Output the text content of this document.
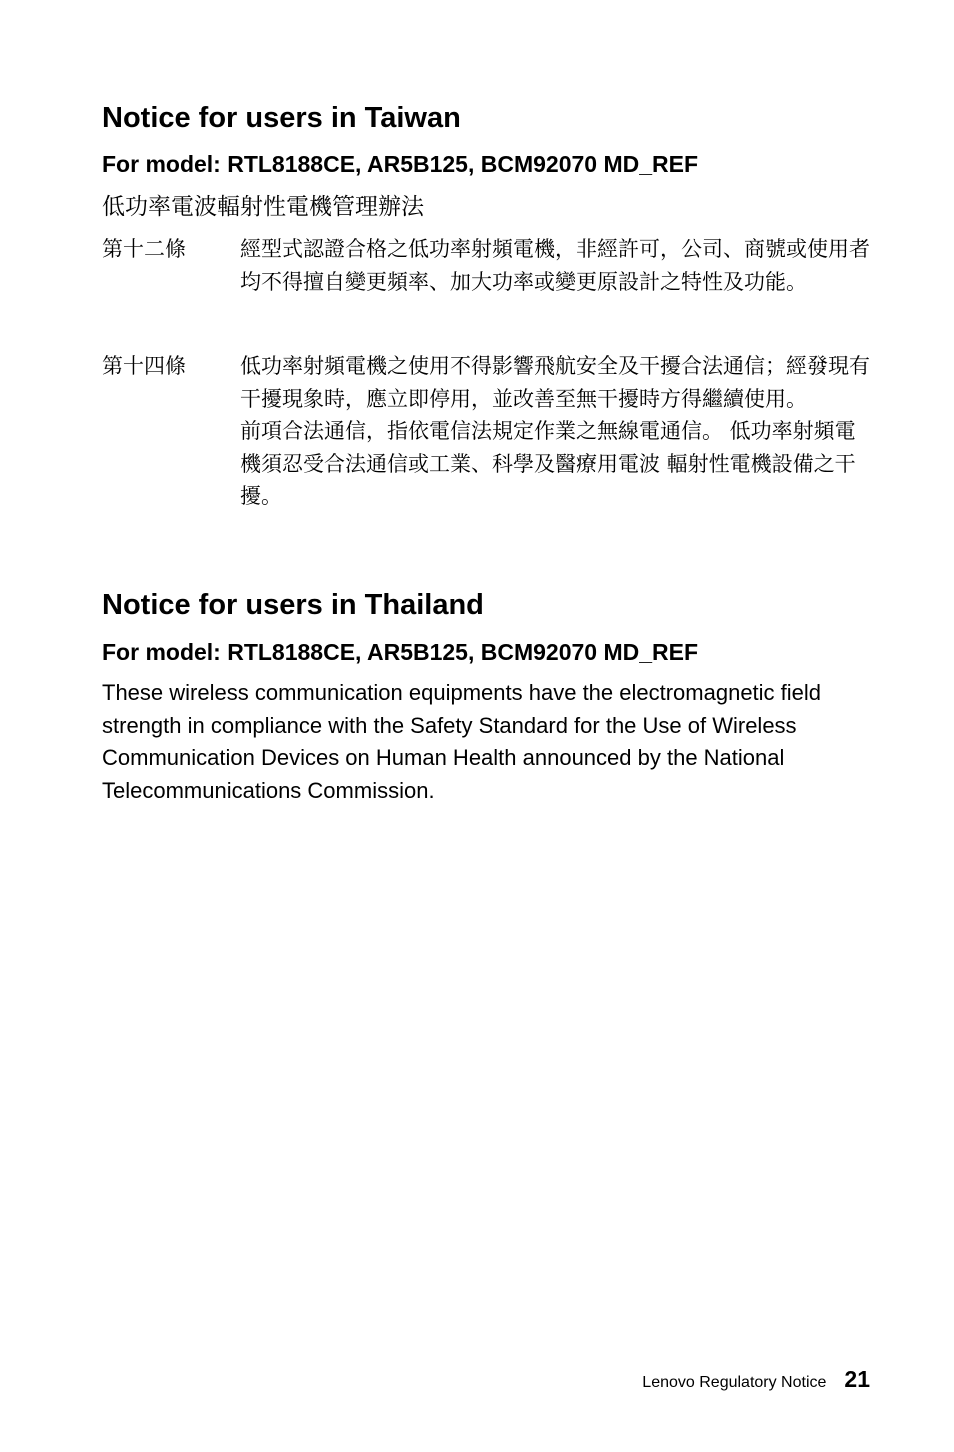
Notice for users in Taiwan
For model: RTL8188CE, AR5B125, BCM92070 MD_REF
低功率電波輻射性電機管理辦法
第十二條	經型式認證合格之低功率射頻電機，非經許可，公司、商號或使用者均不得擅自變更頻率、加大功率或變更原設計之特性及功能。

第十四條	低功率射頻電機之使用不得影響飛航安全及干擾合法通信；經發現有干擾現象時，應立即停用，並改善至無干擾時方得繼續使用。

前項合法通信，指依電信法規定作業之無線電通信。 低功率射頻電機須忍受合法通信或工業、科學及醫療用電波 輻射性電機設備之干擾。

Notice for users in Thailand
For model: RTL8188CE, AR5B125, BCM92070 MD_REF

These wireless communication equipments have the electromagnetic field strength in compliance with the Safety Standard for the Use of Wireless Communication Devices on Human Health announced by the National Telecommunications Commission.

Lenovo Regulatory Notice 21
